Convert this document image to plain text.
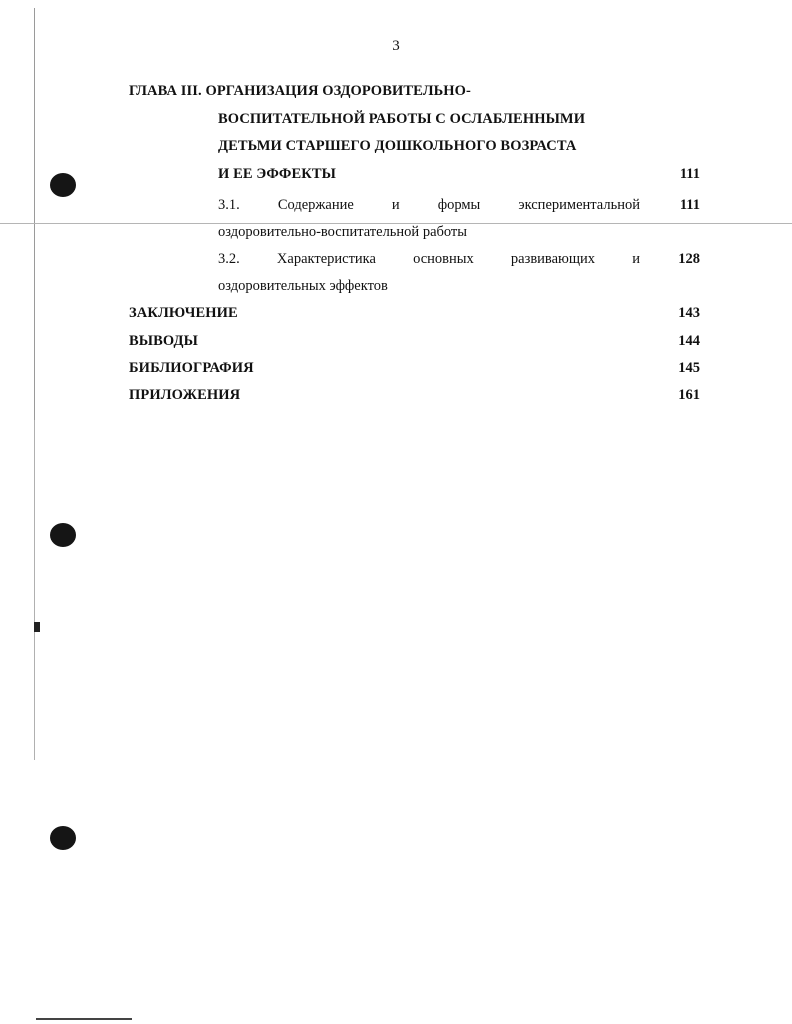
3
ГЛАВА III. ОРГАНИЗАЦИЯ ОЗДОРОВИТЕЛЬНО-
ВОСПИТАТЕЛЬНОЙ РАБОТЫ С ОСЛАБЛЕННЫМИ
ДЕТЬМИ СТАРШЕГО ДОШКОЛЬНОГО ВОЗРАСТА
И ЕЕ ЭФФЕКТЫ	111
3.1.	Содержание	и	формы	экспериментальной	111
оздоровительно-воспитательной работы
3.2.	Характеристика	основных	развивающих	и	128
оздоровительных эффектов
ЗАКЛЮЧЕНИЕ	143
ВЫВОДЫ	144
БИБЛИОГРАФИЯ	145
ПРИЛОЖЕНИЯ	161
